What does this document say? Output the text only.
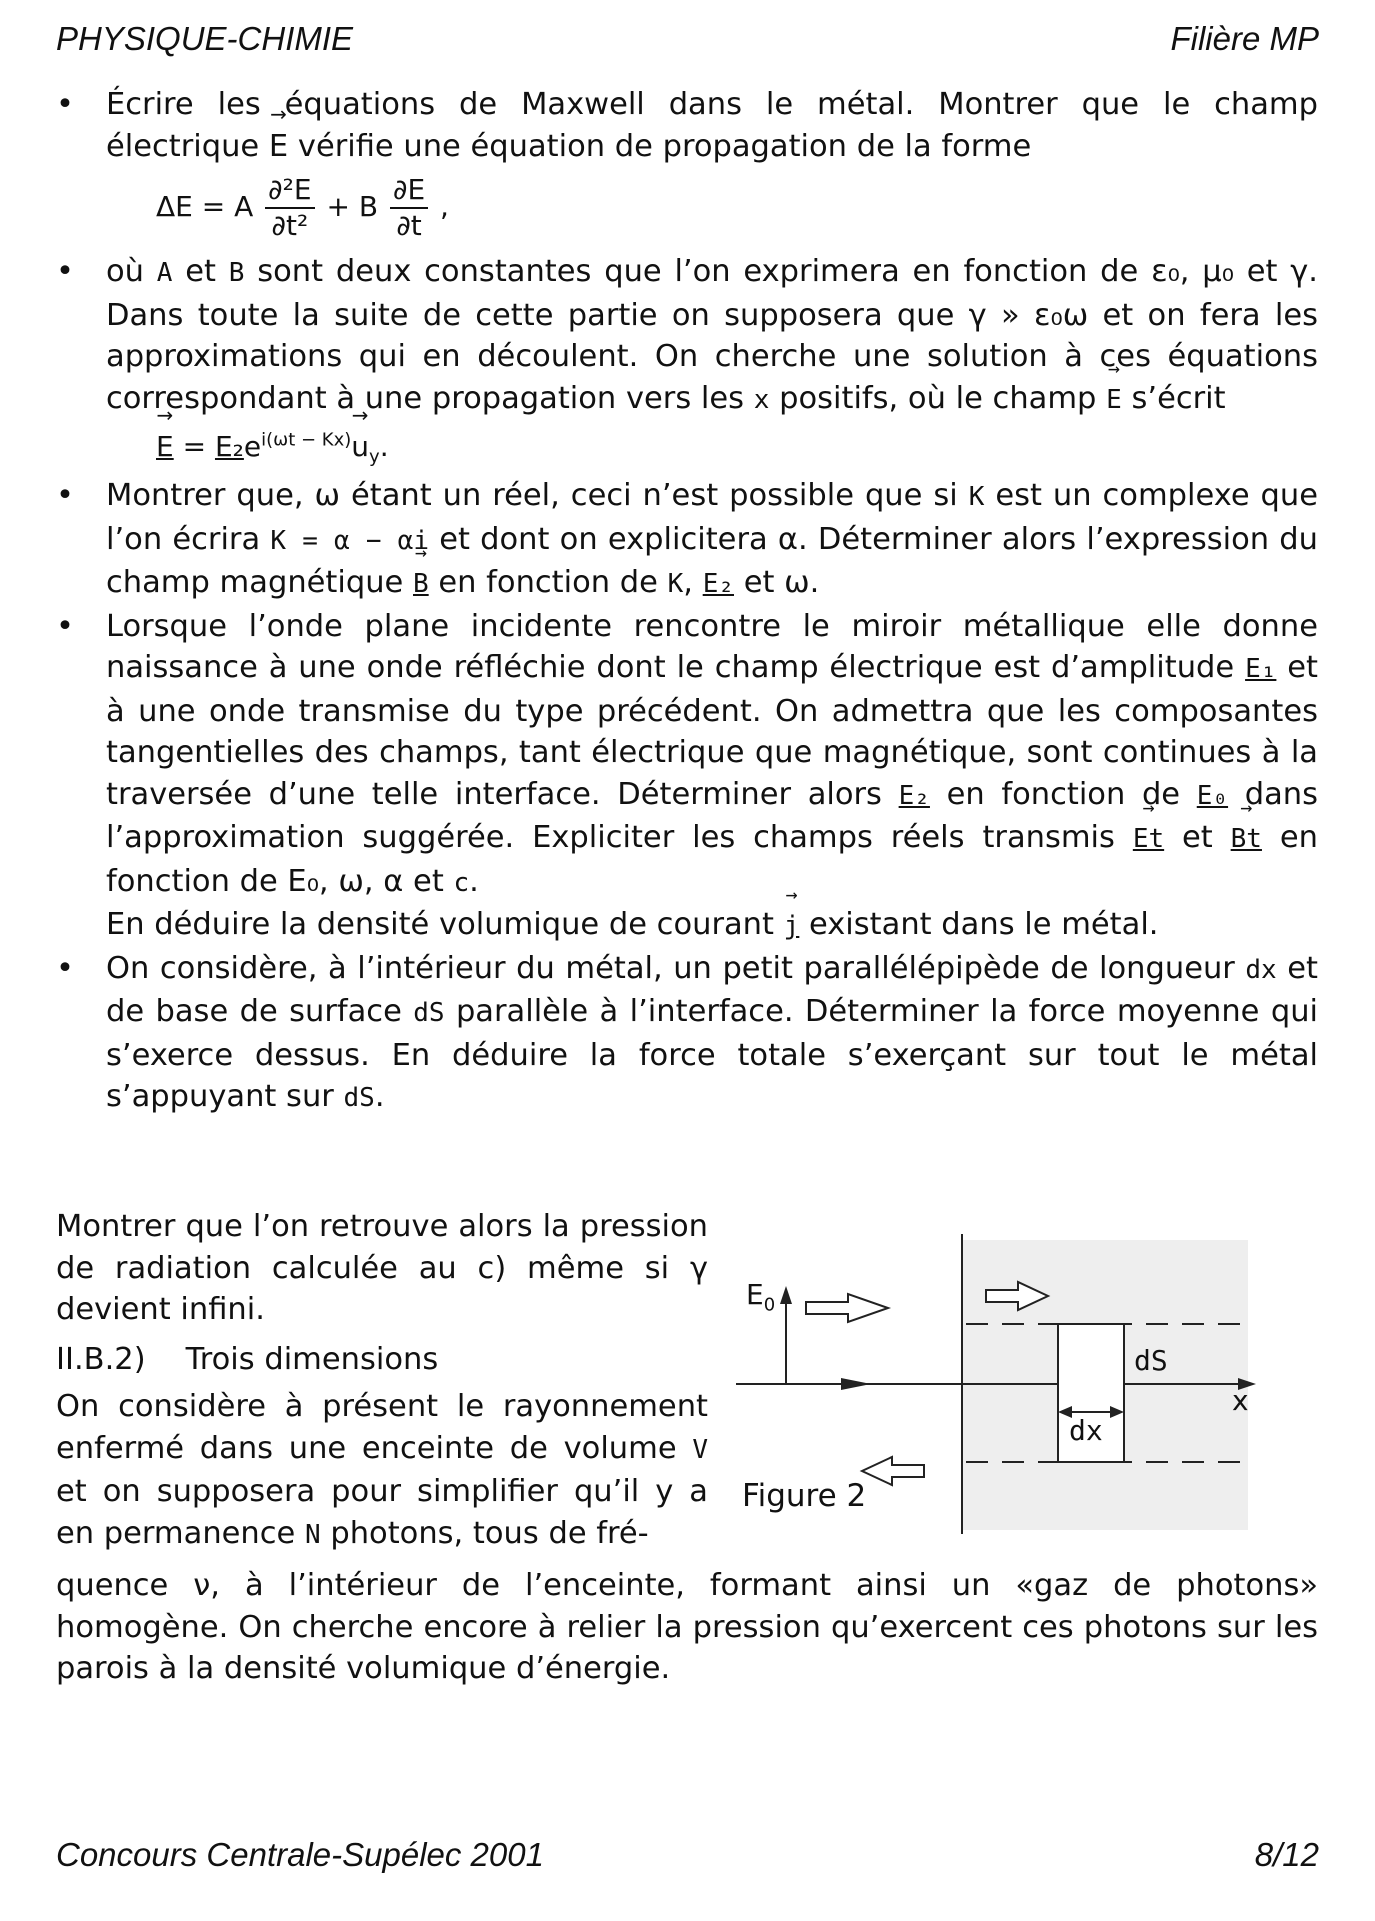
PHYSIQUE-CHIMIE	Filière MP
• Écrire les équations de Maxwell dans le métal. Montrer que le champ électrique → E vérifie une équation de propagation de la forme
ΔE = A $\frac{\text{∂²E}}{\text{∂t²}} + B \frac{\partial E}{\partial t}$ ,
• où A et B sont deux constantes que l’on exprimera en fonction de ε₀, μ₀ et γ. Dans toute la suite de cette partie on supposera que γ » ε₀ω et on fera les approximations qui en découlent. On cherche une solution à ces équations correspondant à une propagation vers les x positifs, où le champ → E s’écrit
→ $E = E_2e^{i(\omega t - Kx)}\to u_y$.
• Montrer que, ω étant un réel, ceci n’est possible que si K est un complexe que l’on écrira K = α − αi et dont on explicitera α. Déterminer alors l’expression du champ magnétique → B en fonction de K, E₂ et ω.
• Lorsque l’onde plane incidente rencontre le miroir métallique elle donne naissance à une onde réfléchie dont le champ électrique est d’amplitude E₁ et à une onde transmise du type précédent. On admettra que les composantes tangentielles des champs, tant électrique que magnétique, sont continues à la traversée d’une telle interface. Déterminer alors E₂ en fonction de E₀ dans l’approximation suggérée. Expliciter les champs réels transmis → Et et → Bt en fonction de E₀, ω, α et c.
En déduire la densité volumique de courant → j existant dans le métal.
• On considère, à l’intérieur du métal, un petit parallélépipède de longueur dx et de base de surface dS parallèle à l’interface. Déterminer la force moyenne qui s’exerce dessus. En déduire la force totale s’exerçant sur tout le métal s’appuyant sur dS.
Montrer que l’on retrouve alors la pression de radiation calculée au c) même si γ devient infini.
II.B.2) Trois dimensions
On considère à présent le rayonnement enfermé dans une enceinte de volume V et on supposera pour simplifier qu’il y a en permanence N photons, tous de fré-
quence ν, à l’intérieur de l’enceinte, formant ainsi un «gaz de photons» homogène. On cherche encore à relier la pression qu’exercent ces photons sur les parois à la densité volumique d’énergie.
$E_0$
dS
dx
x
Figure 2
Concours Centrale-Supélec 2001	8/12
